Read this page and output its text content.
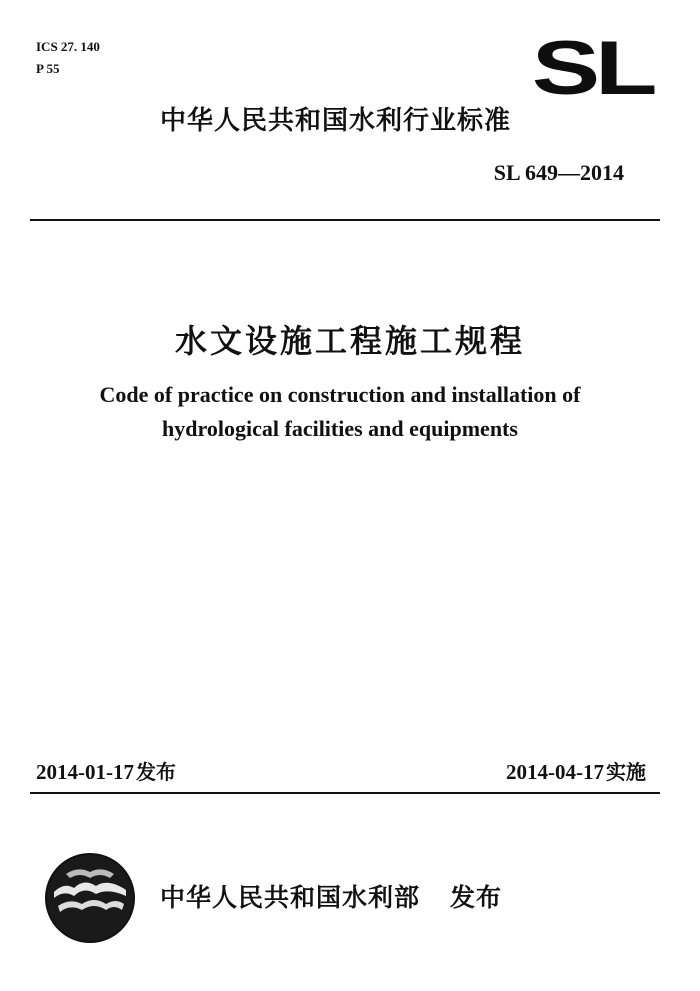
ICS 27. 140
P 55	SL
中华人民共和国水利行业标准
SL 649—2014
水文设施工程施工规程
Code of practice on construction and installation of
hydrological facilities and equipments
2014-01-17 发布	2014-04-17 实施
中华人民共和国水利部 发布
